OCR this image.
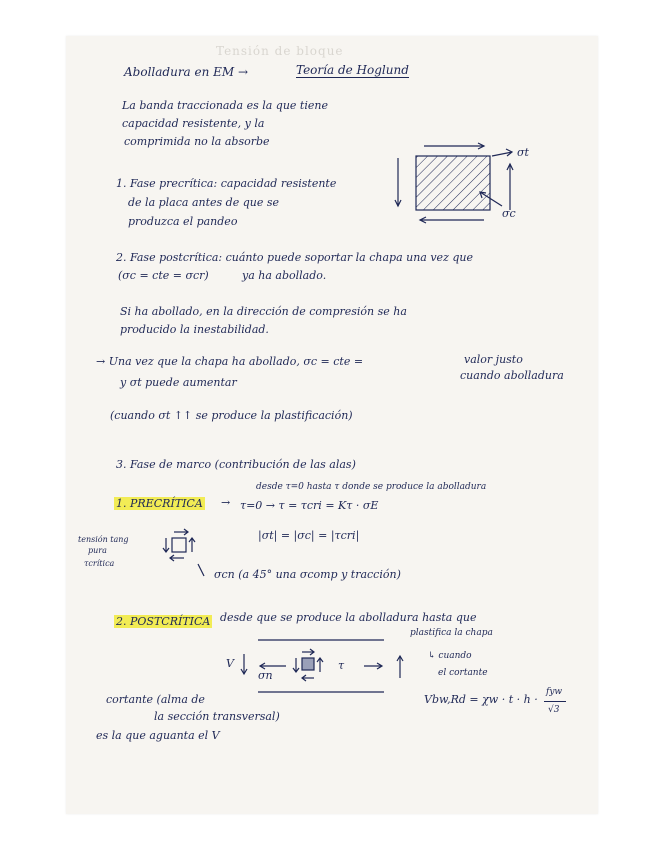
Tensión de bloque
Abolladura en EM →	Teoría de Hoglund
La banda traccionada es la que tiene
capacidad resistente, y la
comprimida no la absorbe
1. Fase precrítica: capacidad resistente
de la placa antes de que se
produzca el pandeo
σt
σc
2. Fase postcrítica: cuánto puede soportar la chapa una vez que
(σc = cte = σcr)	ya ha abollado.
Si ha abollado, en la dirección de compresión se ha
producido la inestabilidad.
→ Una vez que la chapa ha abollado, σc = cte =	valor justo
cuando abolladura
y σt puede aumentar
(cuando σt ↑↑ se produce la plastificación)
3. Fase de marco (contribución de las alas)
1. PRECRÍTICA →
desde τ=0 hasta τ donde se produce la abolladura
τ=0 → τ = τcri = Kτ · σE
|σt| = |σc| = |τcri|
tensión tang
pura
τcrítica
σcn (a 45° una σcomp y tracción)
2. POSTCRÍTICA desde que se produce la abolladura hasta que
plastifica la chapa
V
σn
τ
↳ cuando
el cortante
Vbw,Rd = χw · t · h ·
fyw
√3
cortante (alma de
la sección transversal)
es la que aguanta el V
